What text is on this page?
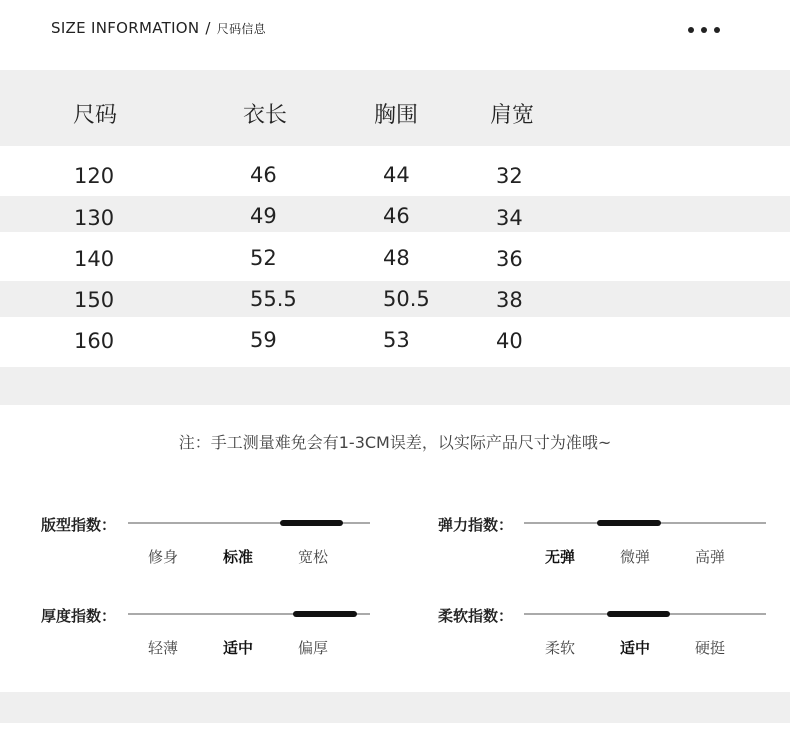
SIZE INFORMATION / 尺码信息
尺码	衣长	胸围	肩宽
120	46	44	32
130	49	46	34
140	52	48	36
150	55.5	50.5	38
160	59	53	40
注：手工测量难免会有1-3CM误差，以实际产品尺寸为准哦~
版型指数：
修身	标准	宽松
弹力指数：
无弹	微弹	高弹
厚度指数：
轻薄	适中	偏厚
柔软指数：
柔软	适中	硬挺
